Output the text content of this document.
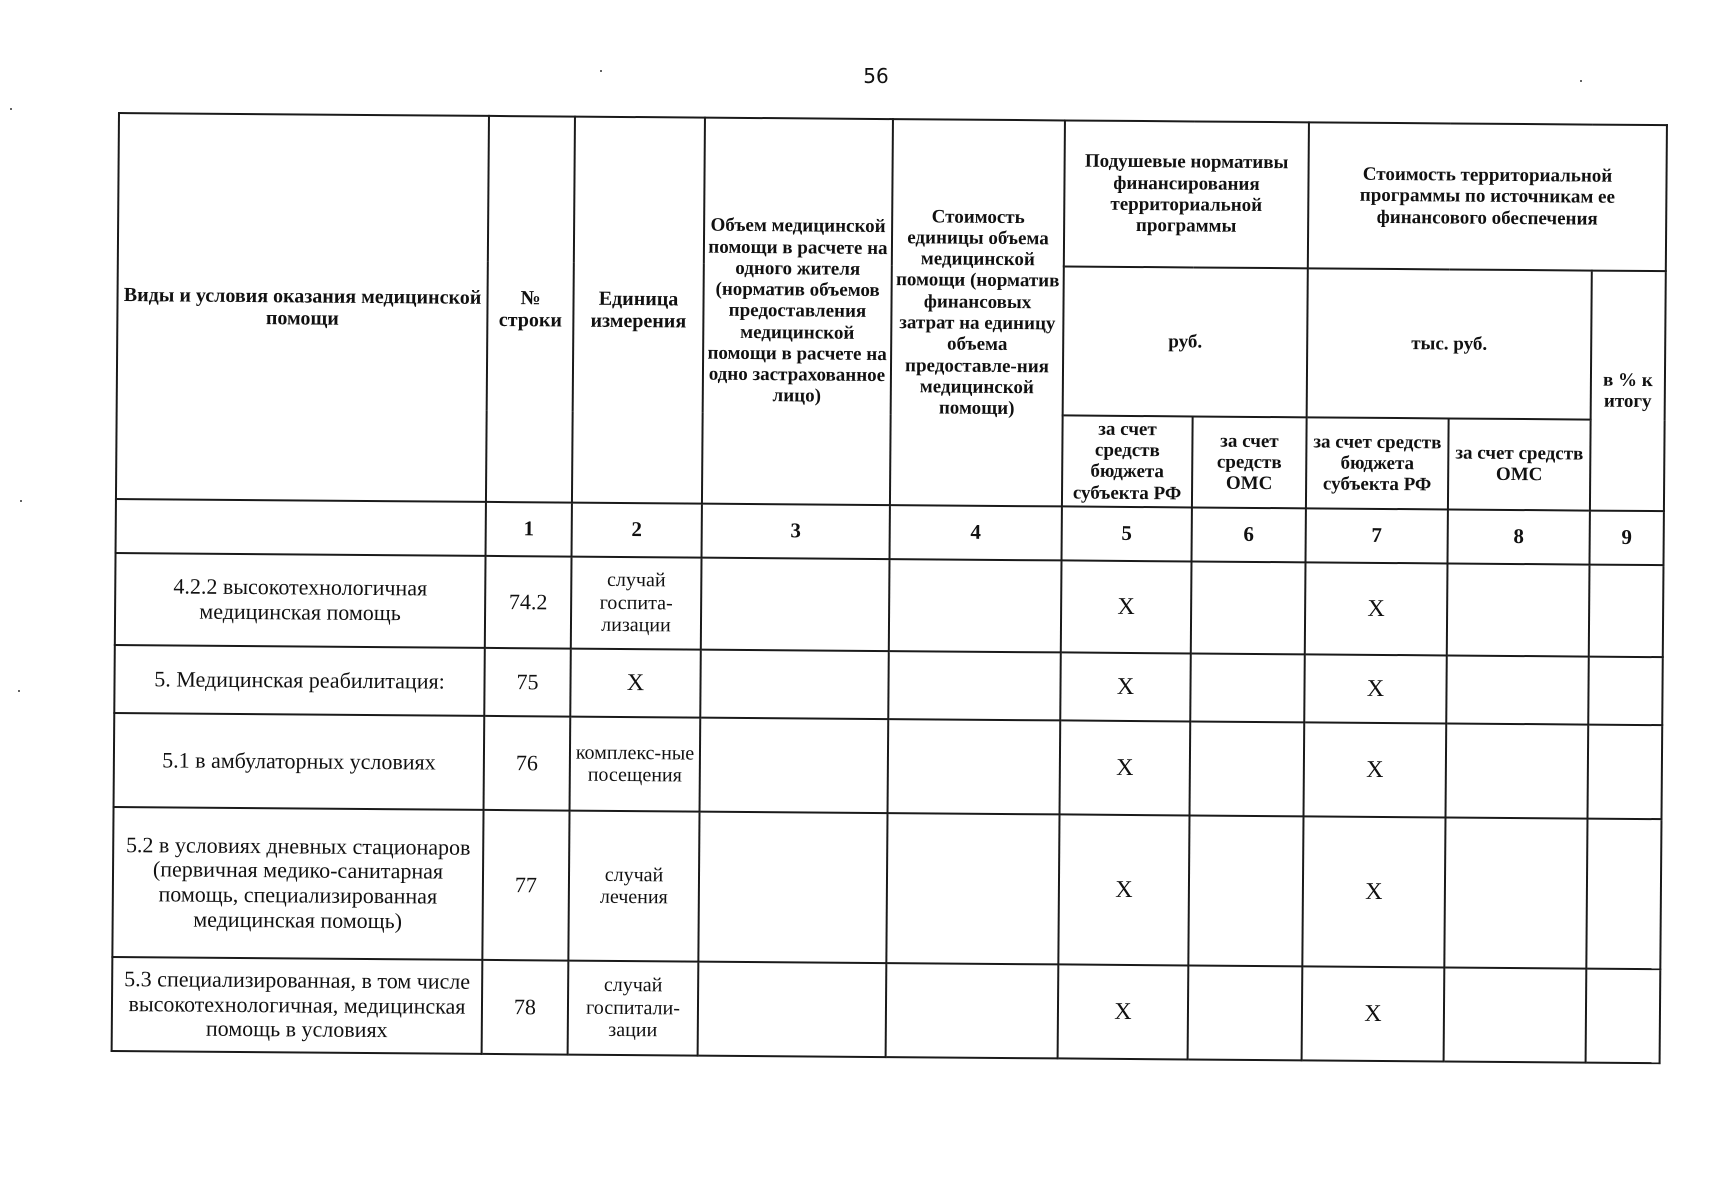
56
Виды и условия оказания медицинской помощи	№ строки	Единица измерения	Объем медицинской помощи в расчете на одного жителя (норматив объемов предоставления медицинской помощи в расчете на одно застрахованное лицо)	Стоимость единицы объема медицинской помощи (норматив финансовых затрат на единицу объема предоставле-ния медицинской помощи)	Подушевые нормативы финансирования территориальной программы		Стоимость территориальной программы по источникам ее финансового обеспечения		
					руб.		тыс. руб.		в % к итогу
					за счет средств бюджета субъекта РФ	за счет средств ОМС	за счет средств бюджета субъекта РФ	за счет средств ОМС	
	1	2	3	4	5	6	7	8	9
4.2.2 высокотехнологичная медицинская помощь	74.2	случай госпита-лизации			X		X		
5. Медицинская реабилитация:	75	X			X		X		
5.1 в амбулаторных условиях	76	комплекс-ные посещения			X		X		
5.2 в условиях дневных стационаров (первичная медико-санитарная помощь, специализированная медицинская помощь)	77	случай лечения			X		X		
5.3 специализированная, в том числе высокотехнологичная, медицинская помощь в условиях	78	случай госпитали-зации			X		X		
